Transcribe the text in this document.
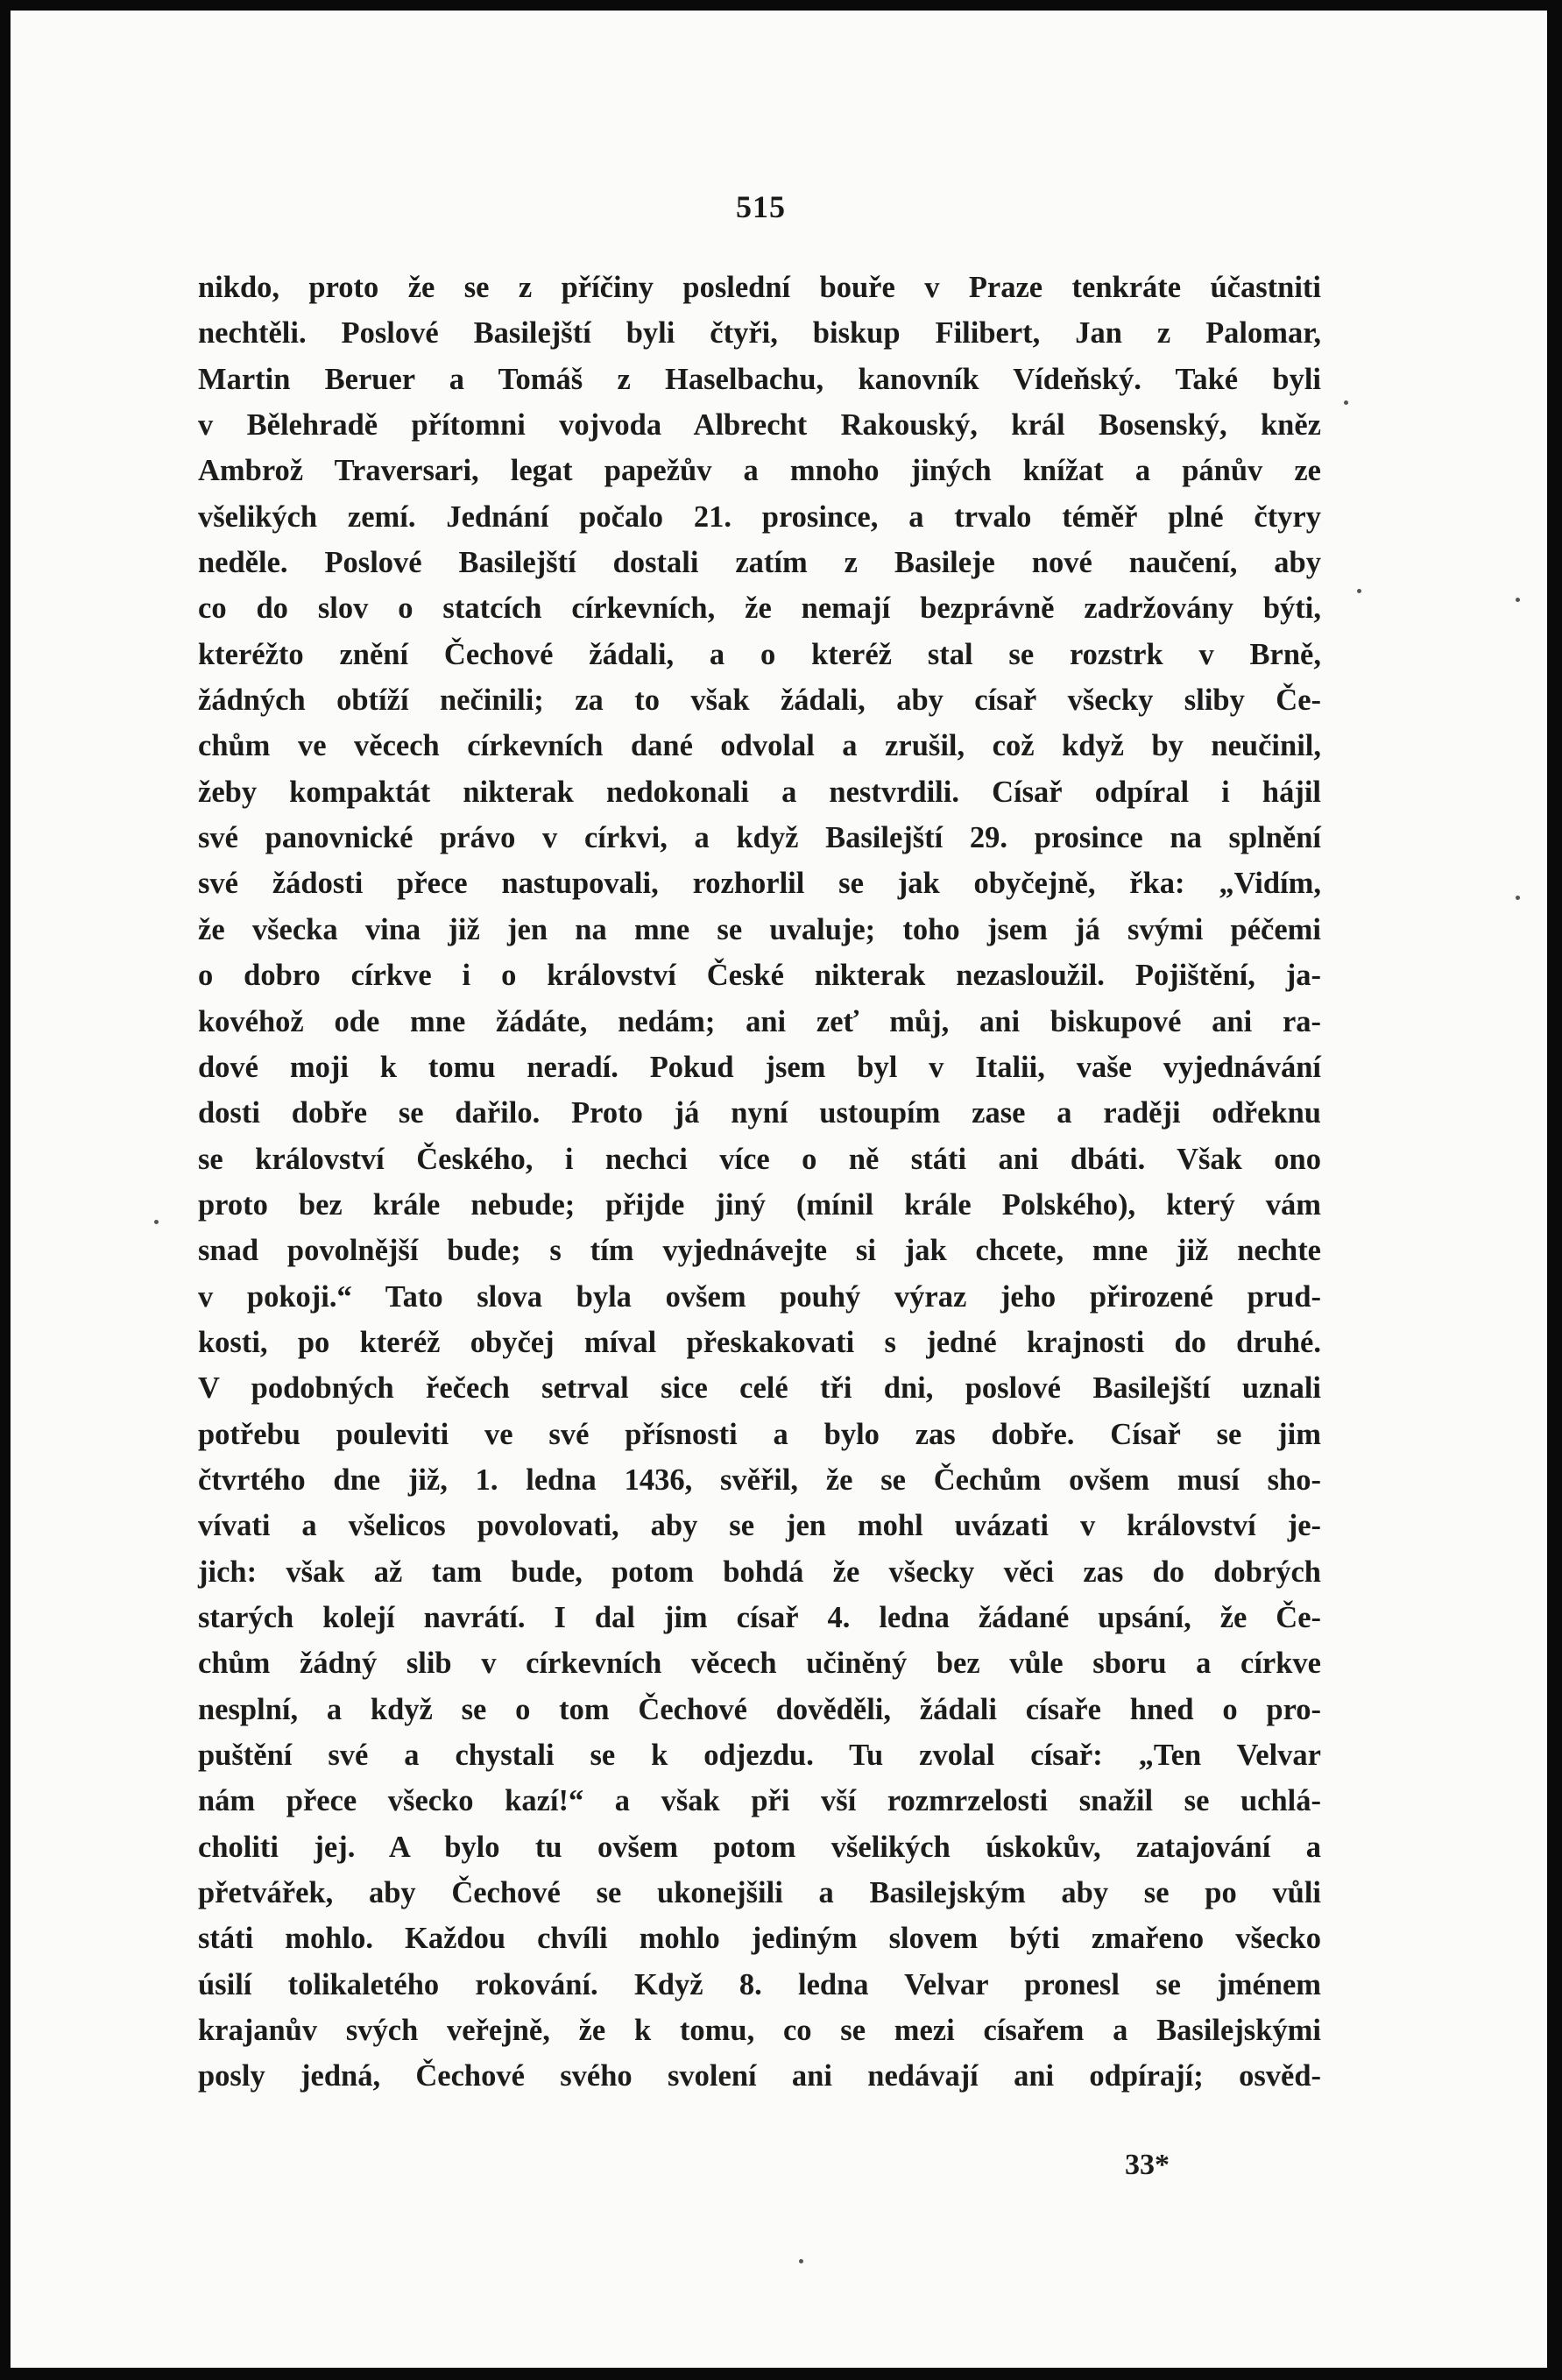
515
nikdo, proto že se z příčiny poslední bouře v Praze tenkráte účastniti
nechtěli. Poslové Basilejští byli čtyři, biskup Filibert, Jan z Palomar,
Martin Beruer a Tomáš z Haselbachu, kanovník Vídeňský. Také byli
v Bělehradě přítomni vojvoda Albrecht Rakouský, král Bosenský, kněz
Ambrož Traversari, legat papežův a mnoho jiných knížat a pánův ze
všelikých zemí. Jednání počalo 21. prosince, a trvalo téměř plné čtyry
neděle. Poslové Basilejští dostali zatím z Basileje nové naučení, aby
co do slov o statcích církevních, že nemají bezprávně zadržovány býti,
kteréžto znění Čechové žádali, a o kteréž stal se rozstrk v Brně,
žádných obtíží nečinili; za to však žádali, aby císař všecky sliby Če-
chům ve věcech církevních dané odvolal a zrušil, což když by neučinil,
žeby kompaktát nikterak nedokonali a nestvrdili. Císař odpíral i hájil
své panovnické právo v církvi, a když Basilejští 29. prosince na splnění
své žádosti přece nastupovali, rozhorlil se jak obyčejně, řka: „Vidím,
že všecka vina již jen na mne se uvaluje; toho jsem já svými péčemi
o dobro církve i o království České nikterak nezasloužil. Pojištění, ja-
kovéhož ode mne žádáte, nedám; ani zeť můj, ani biskupové ani ra-
dové moji k tomu neradí. Pokud jsem byl v Italii, vaše vyjednávání
dosti dobře se dařilo. Proto já nyní ustoupím zase a raději odřeknu
se království Českého, i nechci více o ně státi ani dbáti. Však ono
proto bez krále nebude; přijde jiný (mínil krále Polského), který vám
snad povolnější bude; s tím vyjednávejte si jak chcete, mne již nechte
v pokoji.“ Tato slova byla ovšem pouhý výraz jeho přirozené prud-
kosti, po kteréž obyčej míval přeskakovati s jedné krajnosti do druhé.
V podobných řečech setrval sice celé tři dni, poslové Basilejští uznali
potřebu pouleviti ve své přísnosti a bylo zas dobře. Císař se jim
čtvrtého dne již, 1. ledna 1436, svěřil, že se Čechům ovšem musí sho-
vívati a všelicos povolovati, aby se jen mohl uvázati v království je-
jich: však až tam bude, potom bohdá že všecky věci zas do dobrých
starých kolejí navrátí. I dal jim císař 4. ledna žádané upsání, že Če-
chům žádný slib v církevních věcech učiněný bez vůle sboru a církve
nesplní, a když se o tom Čechové dověděli, žádali císaře hned o pro-
puštění své a chystali se k odjezdu. Tu zvolal císař: „Ten Velvar
nám přece všecko kazí!“ a však při vší rozmrzelosti snažil se uchlá-
choliti jej. A bylo tu ovšem potom všelikých úskokův, zatajování a
přetvářek, aby Čechové se ukonejšili a Basilejským aby se po vůli
státi mohlo. Každou chvíli mohlo jediným slovem býti zmařeno všecko
úsilí tolikaletého rokování. Když 8. ledna Velvar pronesl se jménem
krajanův svých veřejně, že k tomu, co se mezi císařem a Basilejskými
posly jedná, Čechové svého svolení ani nedávají ani odpírají; osvěd-
33*
